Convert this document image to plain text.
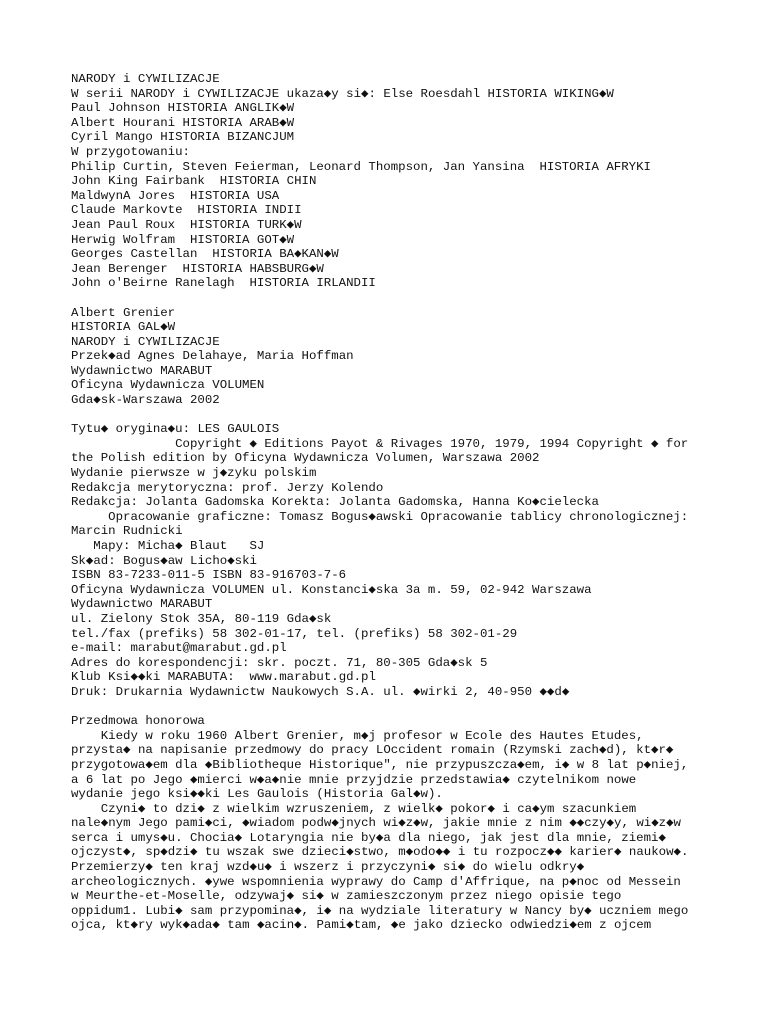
NARODY i CYWILIZACJE
W serii NARODY i CYWILIZACJE ukaza◆y si◆: Else Roesdahl HISTORIA WIKING◆W
Paul Johnson HISTORIA ANGLIK◆W
Albert Hourani HISTORIA ARAB◆W
Cyril Mango HISTORIA BIZANCJUM
W przygotowaniu:
Philip Curtin, Steven Feierman, Leonard Thompson, Jan Yansina  HISTORIA AFRYKI
John King Fairbank  HISTORIA CHIN
MaldwynA Jores  HISTORIA USA
Claude Markovte  HISTORIA INDII
Jean Paul Roux  HISTORIA TURK◆W
Herwig Wolfram  HISTORIA GOT◆W
Georges Castellan  HISTORIA BA◆KAN◆W
Jean Berenger  HISTORIA HABSBURG◆W
John o'Beirne Ranelagh  HISTORIA IRLANDII
Albert Grenier
HISTORIA GAL◆W
NARODY i CYWILIZACJE
Przek◆ad Agnes Delahaye, Maria Hoffman
Wydawnictwo MARABUT
Oficyna Wydawnicza VOLUMEN
Gda◆sk-Warszawa 2002
Tytu◆ orygina◆u: LES GAULOIS
Copyright ◆ Editions Payot & Rivages 1970, 1979, 1994 Copyright ◆ for
the Polish edition by Oficyna Wydawnicza Volumen, Warszawa 2002
Wydanie pierwsze w j◆zyku polskim
Redakcja merytoryczna: prof. Jerzy Kolendo
Redakcja: Jolanta Gadomska Korekta: Jolanta Gadomska, Hanna Ko◆cielecka
Opracowanie graficzne: Tomasz Bogus◆awski Opracowanie tablicy chronologicznej:
Marcin Rudnicki
Mapy: Micha◆ Blaut   SJ
Sk◆ad: Bogus◆aw Licho◆ski
ISBN 83-7233-011-5 ISBN 83-916703-7-6
Oficyna Wydawnicza VOLUMEN ul. Konstanci◆ska 3a m. 59, 02-942 Warszawa
Wydawnictwo MARABUT
ul. Zielony Stok 35A, 80-119 Gda◆sk
tel./fax (prefiks) 58 302-01-17, tel. (prefiks) 58 302-01-29
e-mail: marabut@marabut.gd.pl
Adres do korespondencji: skr. poczt. 71, 80-305 Gda◆sk 5
Klub Ksi◆◆ki MARABUTA:  www.marabut.gd.pl
Druk: Drukarnia Wydawnictw Naukowych S.A. ul. ◆wirki 2, 40-950 ◆◆d◆
Przedmowa honorowa
Kiedy w roku 1960 Albert Grenier, m◆j profesor w Ecole des Hautes Etudes,
przysta◆ na napisanie przedmowy do pracy LOccident romain (Rzymski zach◆d), kt◆r◆
przygotowa◆em dla ◆Bibliotheque Historique", nie przypuszcza◆em, i◆ w 8 lat p◆niej,
a 6 lat po Jego ◆mierci w◆a◆nie mnie przyjdzie przedstawia◆ czytelnikom nowe
wydanie jego ksi◆◆ki Les Gaulois (Historia Gal◆w).
Czyni◆ to dzi◆ z wielkim wzruszeniem, z wielk◆ pokor◆ i ca◆ym szacunkiem
nale◆nym Jego pami◆ci, ◆wiadom podw◆jnych wi◆z◆w, jakie mnie z nim ◆◆czy◆y, wi◆z◆w
serca i umys◆u. Chocia◆ Lotaryngia nie by◆a dla niego, jak jest dla mnie, ziemi◆
ojczyst◆, sp◆dzi◆ tu wszak swe dzieci◆stwo, m◆odo◆◆ i tu rozpocz◆◆ karier◆ naukow◆.
Przemierzy◆ ten kraj wzd◆u◆ i wszerz i przyczyni◆ si◆ do wielu odkry◆
archeologicznych. ◆ywe wspomnienia wyprawy do Camp d'Affrique, na p◆noc od Messein
w Meurthe-et-Moselle, odzywaj◆ si◆ w zamieszczonym przez niego opisie tego
oppidum1. Lubi◆ sam przypomina◆, i◆ na wydziale literatury w Nancy by◆ uczniem mego
ojca, kt◆ry wyk◆ada◆ tam ◆acin◆. Pami◆tam, ◆e jako dziecko odwiedzi◆em z ojcem
